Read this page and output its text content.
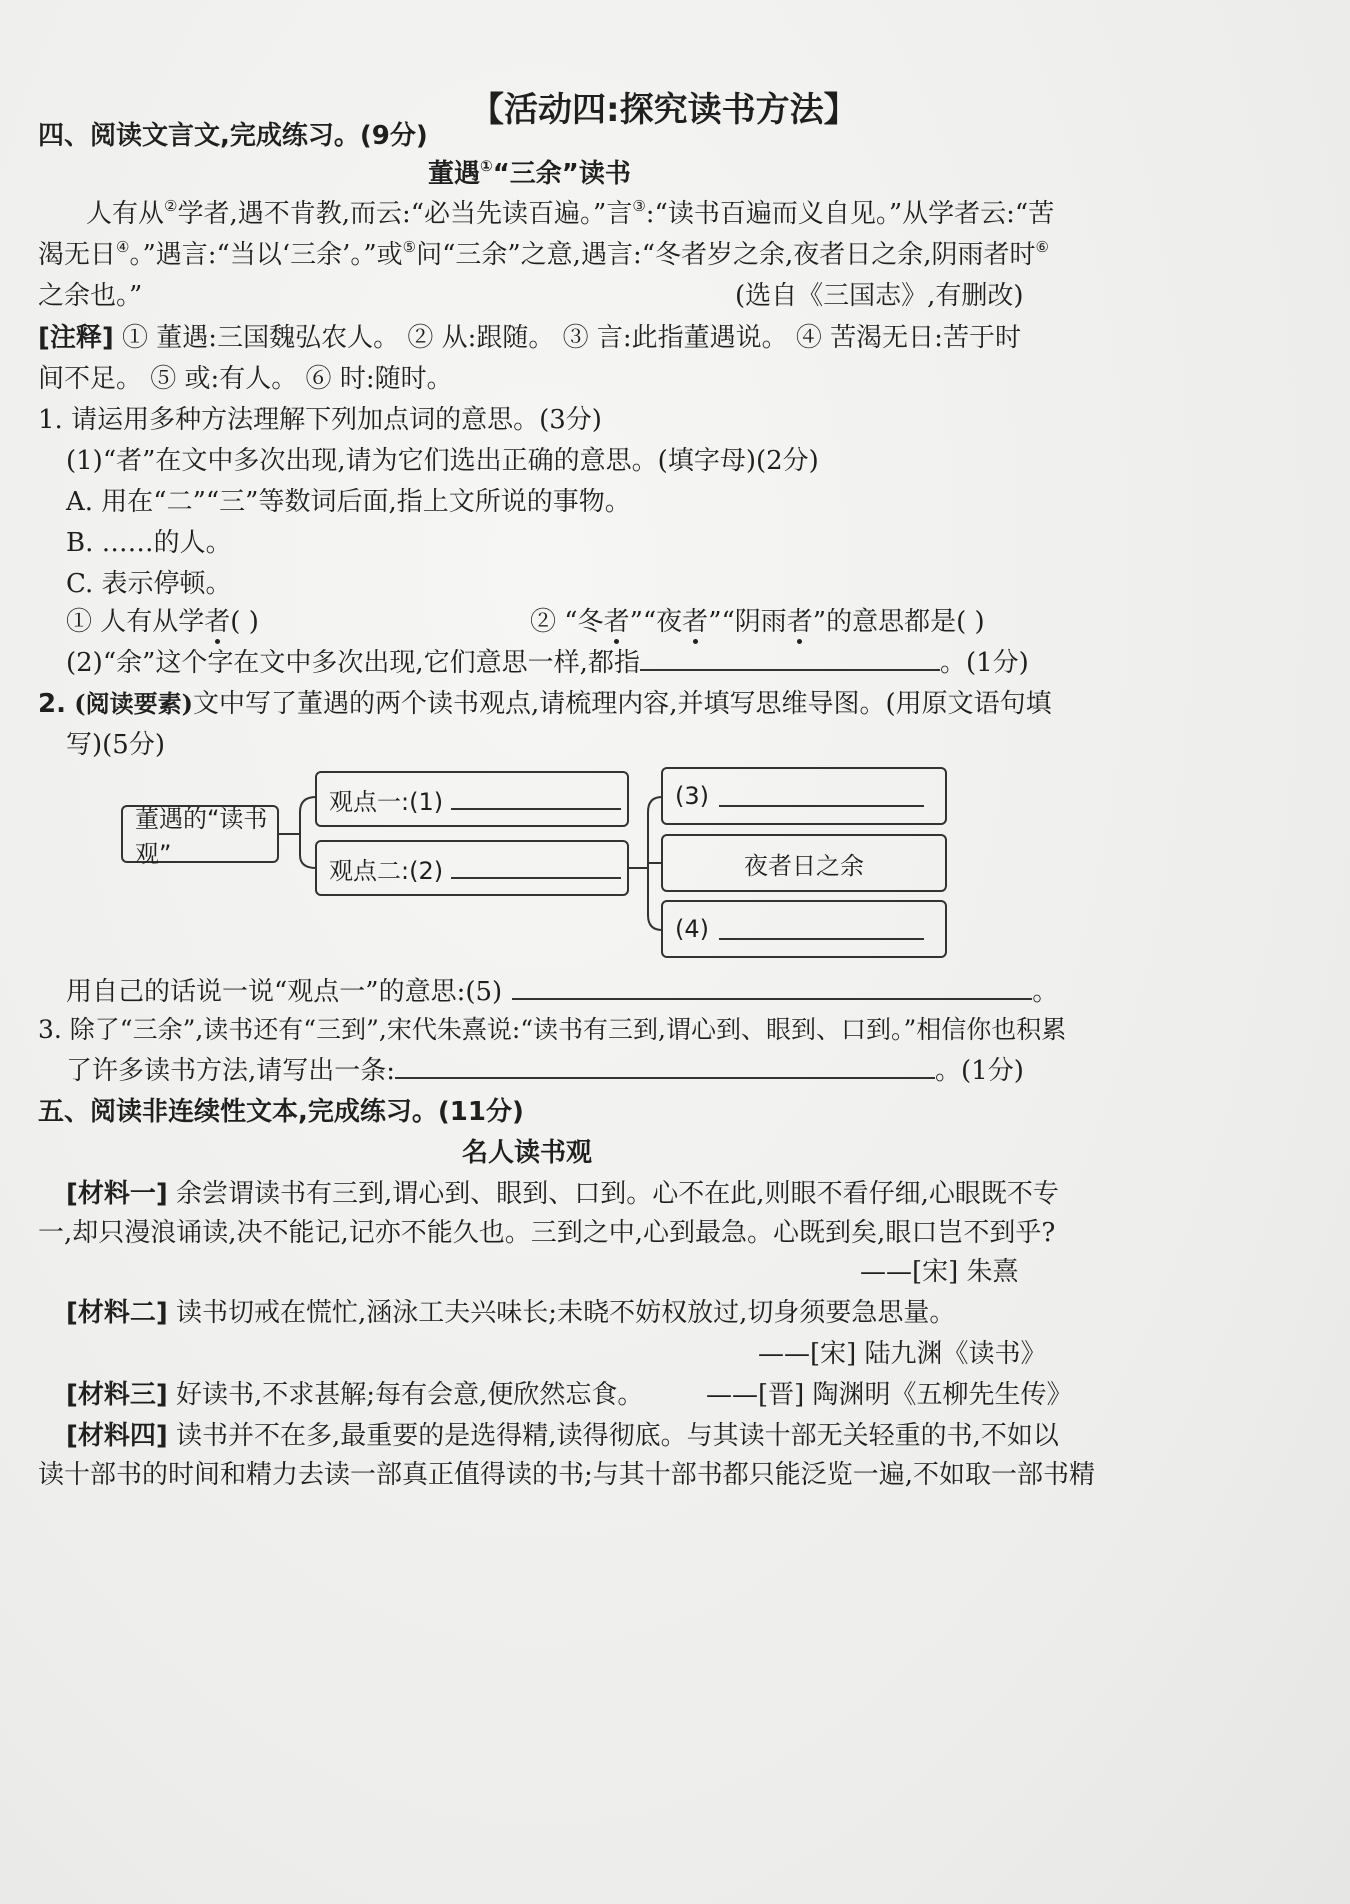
【活动四:探究读书方法】
四、阅读文言文,完成练习。(9分)
董遇①“三余”读书
人有从②学者,遇不肯教,而云:“必当先读百遍。”言③:“读书百遍而义自见。”从学者云:“苦
渴无日④。”遇言:“当以‘三余’。”或⑤问“三余”之意,遇言:“冬者岁之余,夜者日之余,阴雨者时⑥
之余也。”	(选自《三国志》,有删改)
[注释] ① 董遇:三国魏弘农人。 ② 从:跟随。 ③ 言:此指董遇说。 ④ 苦渴无日:苦于时
间不足。 ⑤ 或:有人。 ⑥ 时:随时。
1. 请运用多种方法理解下列加点词的意思。(3分)
(1)“者”在文中多次出现,请为它们选出正确的意思。(填字母)(2分)
A. 用在“二”“三”等数词后面,指上文所说的事物。
B. ……的人。
C. 表示停顿。
① 人有从学者( )	② “冬者”“夜者”“阴雨者”的意思都是( )
(2)“余”这个字在文中多次出现,它们意思一样,都指	。(1分)
2. (阅读要素)文中写了董遇的两个读书观点,请梳理内容,并填写思维导图。(用原文语句填
写)(5分)
董遇的“读书观”
观点一:(1)
观点二:(2)
(3)
夜者日之余
(4)
用自己的话说一说“观点一”的意思:(5)	。
3. 除了“三余”,读书还有“三到”,宋代朱熹说:“读书有三到,谓心到、眼到、口到。”相信你也积累
了许多读书方法,请写出一条:	。(1分)
五、阅读非连续性文本,完成练习。(11分)
名人读书观
[材料一] 余尝谓读书有三到,谓心到、眼到、口到。心不在此,则眼不看仔细,心眼既不专
一,却只漫浪诵读,决不能记,记亦不能久也。三到之中,心到最急。心既到矣,眼口岂不到乎?
——[宋] 朱熹
[材料二] 读书切戒在慌忙,涵泳工夫兴味长;未晓不妨权放过,切身须要急思量。
——[宋] 陆九渊《读书》
[材料三] 好读书,不求甚解;每有会意,便欣然忘食。 ——[晋] 陶渊明《五柳先生传》
[材料四] 读书并不在多,最重要的是选得精,读得彻底。与其读十部无关轻重的书,不如以
读十部书的时间和精力去读一部真正值得读的书;与其十部书都只能泛览一遍,不如取一部书精
